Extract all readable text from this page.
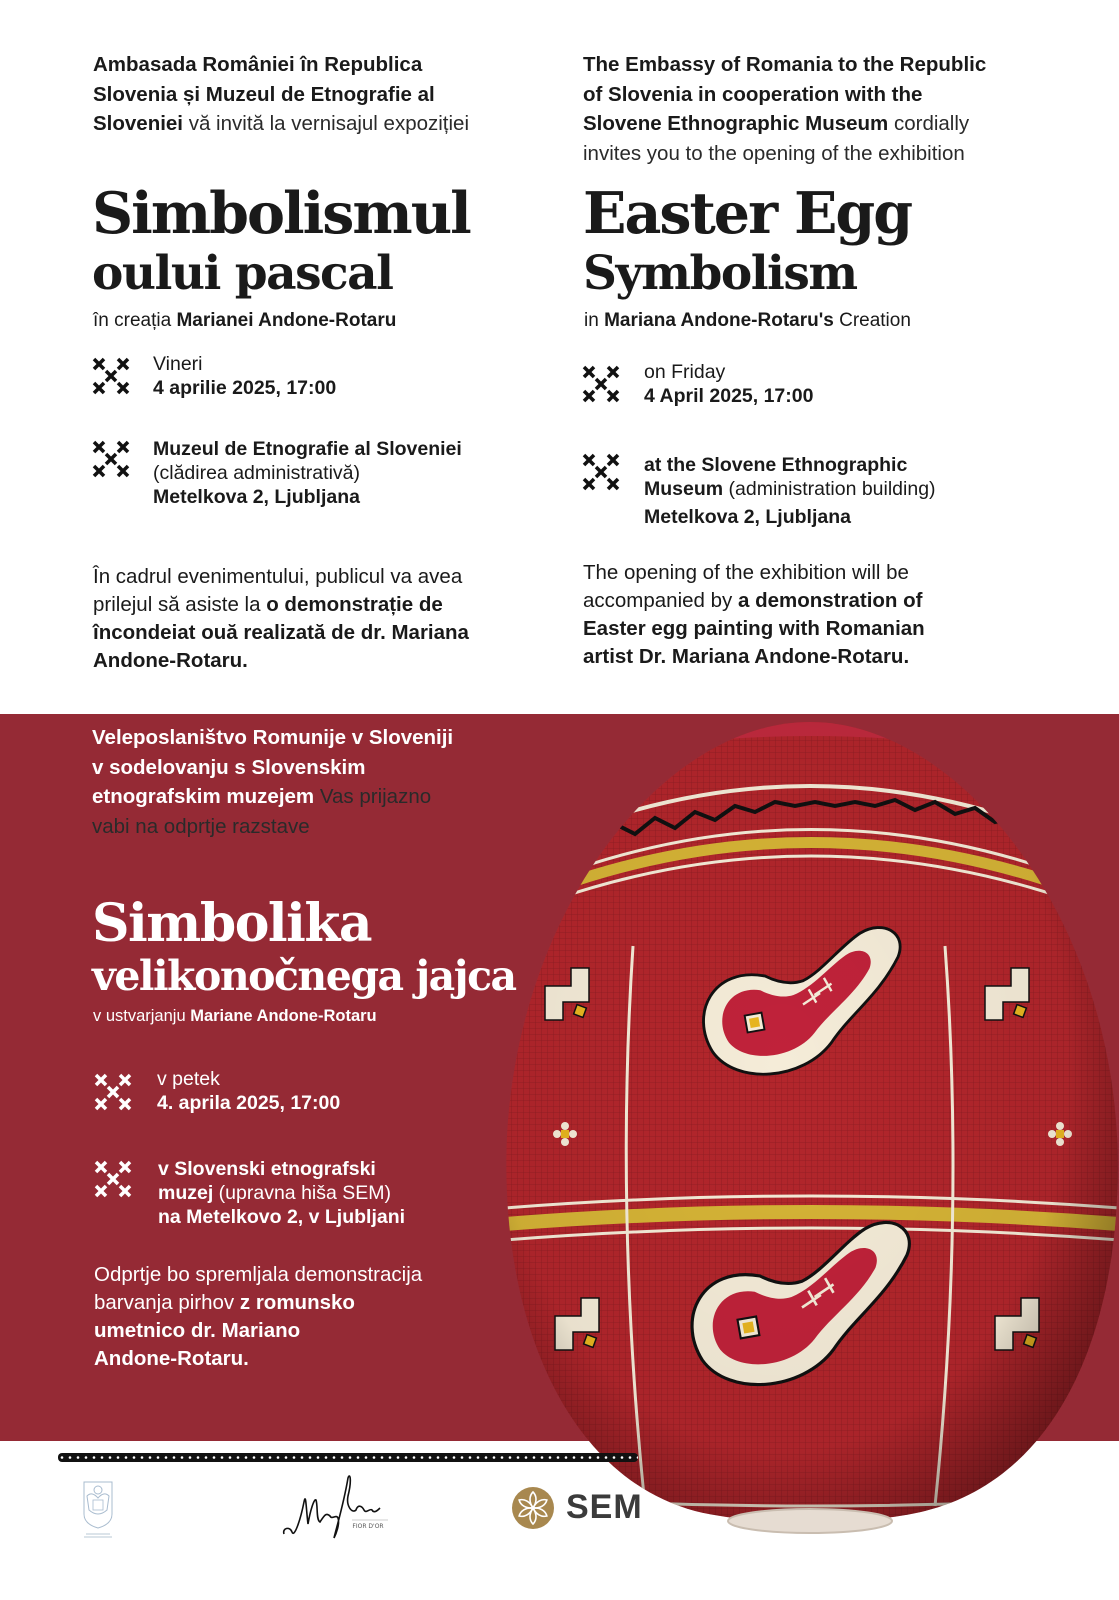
Ambasada României în Republica
Slovenia și Muzeul de Etnografie al
Sloveniei vă invită la vernisajul expoziției
Simbolismul
oului pascal
în creația Marianei Andone-Rotaru
Vineri
4 aprilie 2025, 17:00
Muzeul de Etnografie al Sloveniei
(clădirea administrativă)
Metelkova 2, Ljubljana
În cadrul evenimentului, publicul va avea
prilejul să asiste la o demonstrație de
încondeiat ouă realizată de dr. Mariana
Andone-Rotaru.
The Embassy of Romania to the Republic
of Slovenia in cooperation with the
Slovene Ethnographic Museum cordially
invites you to the opening of the exhibition
Easter Egg
Symbolism
in Mariana Andone-Rotaru's Creation
on Friday
4 April 2025, 17:00
at the Slovene Ethnographic
Museum (administration building)
Metelkova 2, Ljubljana
The opening of the exhibition will be
accompanied by a demonstration of
Easter egg painting with Romanian
artist Dr. Mariana Andone-Rotaru.
Veleposlaništvo Romunije v Sloveniji
v sodelovanju s Slovenskim
etnografskim muzejem Vas prijazno
vabi na odprtje razstave
Simbolika
velikonočnega jajca
v ustvarjanju Mariane Andone-Rotaru
v petek
4. aprila 2025, 17:00
v Slovenski etnografski
muzej (upravna hiša SEM)
na Metelkovo 2, v Ljubljani
Odprtje bo spremljala demonstracija
barvanja pirhov z romunsko
umetnico dr. Mariano
Andone-Rotaru.
FIOR D'OR
SEM
